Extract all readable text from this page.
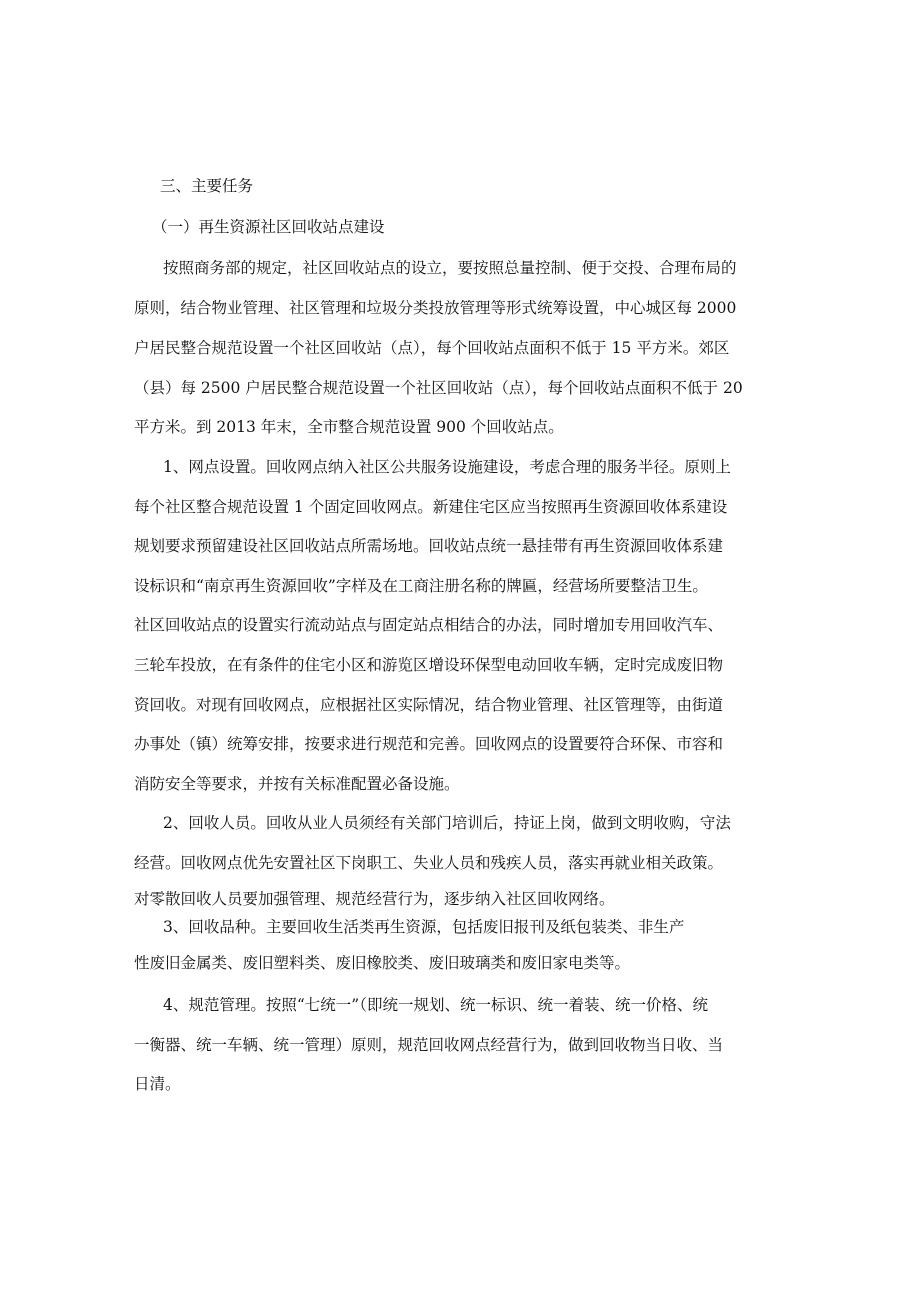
三、主要任务
（一）再生资源社区回收站点建设
按照商务部的规定，社区回收站点的设立，要按照总量控制、便于交投、合理布局的
原则，结合物业管理、社区管理和垃圾分类投放管理等形式统筹设置，中心城区每 2000
户居民整合规范设置一个社区回收站（点），每个回收站点面积不低于 15 平方米。郊区
（县）每 2500 户居民整合规范设置一个社区回收站（点），每个回收站点面积不低于 20
平方米。到 2013 年末，全市整合规范设置 900 个回收站点。
1、网点设置。回收网点纳入社区公共服务设施建设，考虑合理的服务半径。原则上
每个社区整合规范设置 1 个固定回收网点。新建住宅区应当按照再生资源回收体系建设
规划要求预留建设社区回收站点所需场地。回收站点统一悬挂带有再生资源回收体系建
设标识和“南京再生资源回收”字样及在工商注册名称的牌匾，经营场所要整洁卫生。
社区回收站点的设置实行流动站点与固定站点相结合的办法，同时增加专用回收汽车、
三轮车投放，在有条件的住宅小区和游览区增设环保型电动回收车辆，定时完成废旧物
资回收。对现有回收网点，应根据社区实际情况，结合物业管理、社区管理等，由街道
办事处（镇）统筹安排，按要求进行规范和完善。回收网点的设置要符合环保、市容和
消防安全等要求，并按有关标准配置必备设施。
2、回收人员。回收从业人员须经有关部门培训后，持证上岗，做到文明收购，守法
经营。回收网点优先安置社区下岗职工、失业人员和残疾人员，落实再就业相关政策。
对零散回收人员要加强管理、规范经营行为，逐步纳入社区回收网络。
3、回收品种。主要回收生活类再生资源，包括废旧报刊及纸包装类、非生产
性废旧金属类、废旧塑料类、废旧橡胶类、废旧玻璃类和废旧家电类等。
4、规范管理。按照“七统一”（即统一规划、统一标识、统一着装、统一价格、统
一衡器、统一车辆、统一管理）原则，规范回收网点经营行为，做到回收物当日收、当
日清。
